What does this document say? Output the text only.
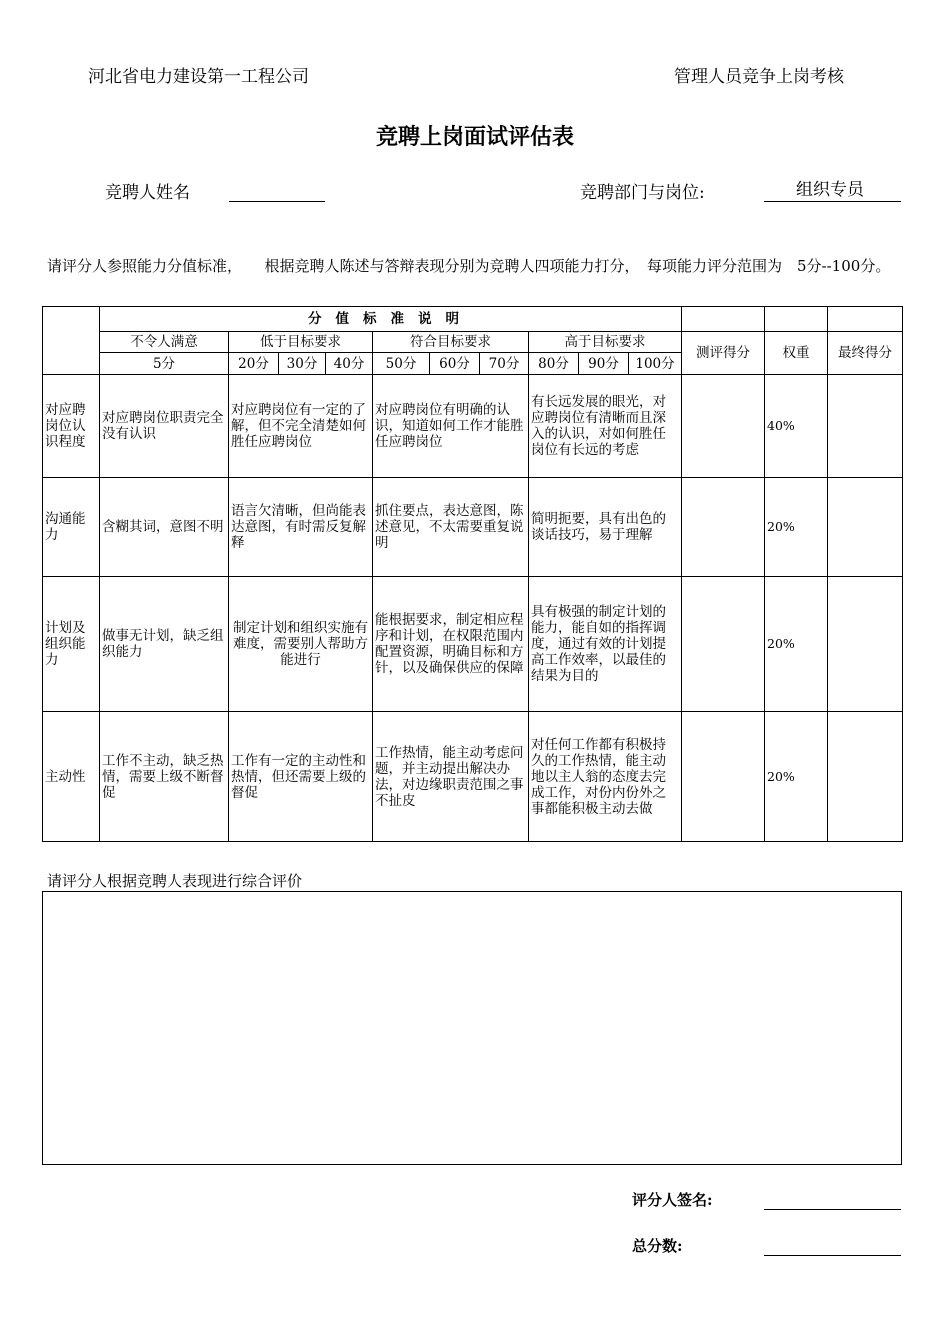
河北省电力建设第一工程公司	管理人员竞争上岗考核
竞聘上岗面试评估表
竞聘人姓名	竞聘部门与岗位:	组织专员
请评分人参照能力分值标准，　　根据竞聘人陈述与答辩表现分别为竞聘人四项能力打分，　每项能力评分范围为　5分--100分。
	分值标准说明												
	不令人满意	低于目标要求			符合目标要求			高于目标要求			测评得分	权重	最终得分
	5分	20分	30分	40分	50分	60分	70分	80分	90分	100分			
对应聘岗位认识程度	对应聘岗位职责完全没有认识	对应聘岗位有一定的了解，但不完全清楚如何胜任应聘岗位			对应聘岗位有明确的认识，知道如何工作才能胜任应聘岗位			有长远发展的眼光，对应聘岗位有清晰而且深入的认识，对如何胜任岗位有长远的考虑				40%	
沟通能力	含糊其词，意图不明	语言欠清晰，但尚能表达意图，有时需反复解释			抓住要点，表达意图，陈述意见，不太需要重复说明			简明扼要，具有出色的谈话技巧，易于理解				20%	
计划及组织能力	做事无计划，缺乏组织能力	制定计划和组织实施有难度，需要别人帮助方能进行			能根据要求，制定相应程序和计划，在权限范围内配置资源，明确目标和方针，以及确保供应的保障			具有极强的制定计划的能力，能自如的指挥调度，通过有效的计划提高工作效率，以最佳的结果为目的				20%	
主动性	工作不主动，缺乏热情，需要上级不断督促	工作有一定的主动性和热情，但还需要上级的督促			工作热情，能主动考虑问题，并主动提出解决办法，对边缘职责范围之事不扯皮			对任何工作都有积极持久的工作热情，能主动地以主人翁的态度去完成工作，对份内份外之事都能积极主动去做				20%	
请评分人根据竞聘人表现进行综合评价
评分人签名:
总分数:
